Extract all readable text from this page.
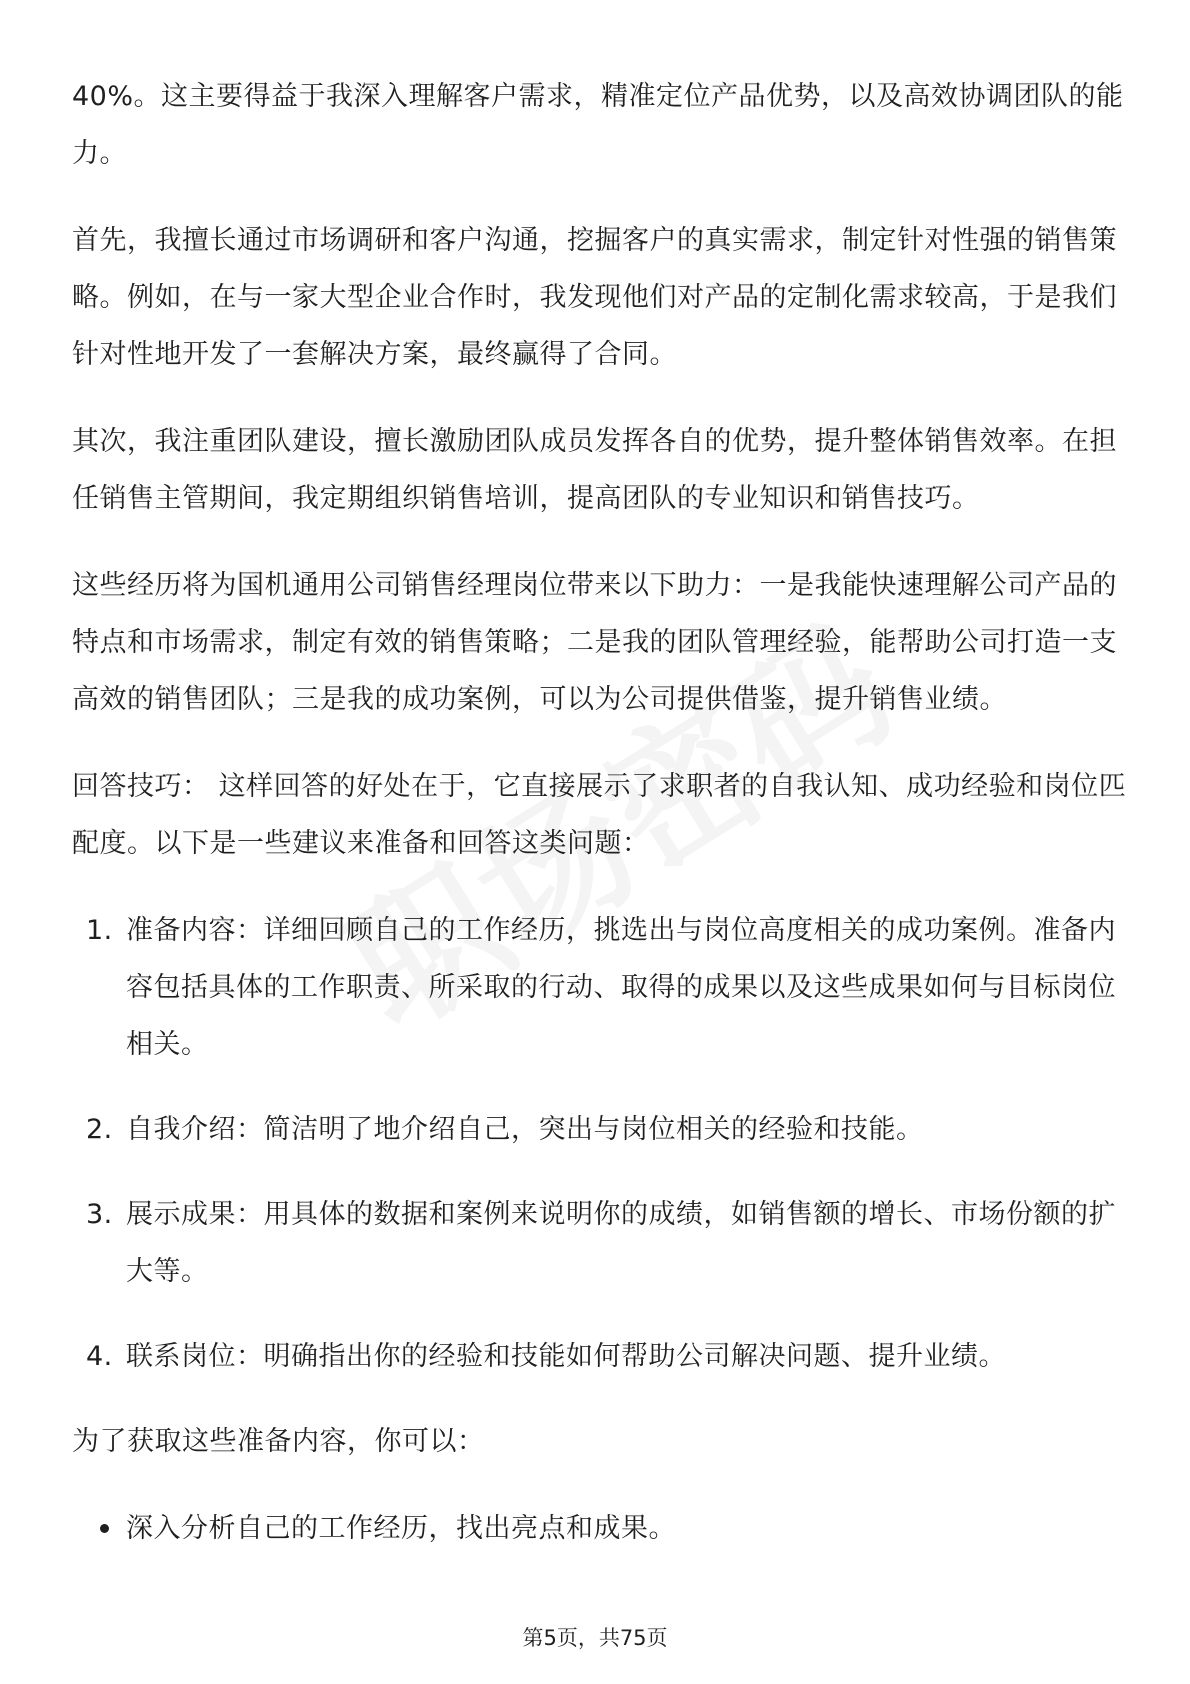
40%。这主要得益于我深入理解客户需求，精准定位产品优势，以及高效协调团队的能力。

首先，我擅长通过市场调研和客户沟通，挖掘客户的真实需求，制定针对性强的销售策略。例如，在与一家大型企业合作时，我发现他们对产品的定制化需求较高，于是我们针对性地开发了一套解决方案，最终赢得了合同。

其次，我注重团队建设，擅长激励团队成员发挥各自的优势，提升整体销售效率。在担任销售主管期间，我定期组织销售培训，提高团队的专业知识和销售技巧。

这些经历将为国机通用公司销售经理岗位带来以下助力：一是我能快速理解公司产品的特点和市场需求，制定有效的销售策略；二是我的团队管理经验，能帮助公司打造一支高效的销售团队；三是我的成功案例，可以为公司提供借鉴，提升销售业绩。

回答技巧： 这样回答的好处在于，它直接展示了求职者的自我认知、成功经验和岗位匹配度。以下是一些建议来准备和回答这类问题：

1. 准备内容：详细回顾自己的工作经历，挑选出与岗位高度相关的成功案例。准备内容包括具体的工作职责、所采取的行动、取得的成果以及这些成果如何与目标岗位相关。
2. 自我介绍：简洁明了地介绍自己，突出与岗位相关的经验和技能。
3. 展示成果：用具体的数据和案例来说明你的成绩，如销售额的增长、市场份额的扩大等。
4. 联系岗位：明确指出你的经验和技能如何帮助公司解决问题、提升业绩。

为了获取这些准备内容，你可以：

深入分析自己的工作经历，找出亮点和成果。
第5页，共75页
